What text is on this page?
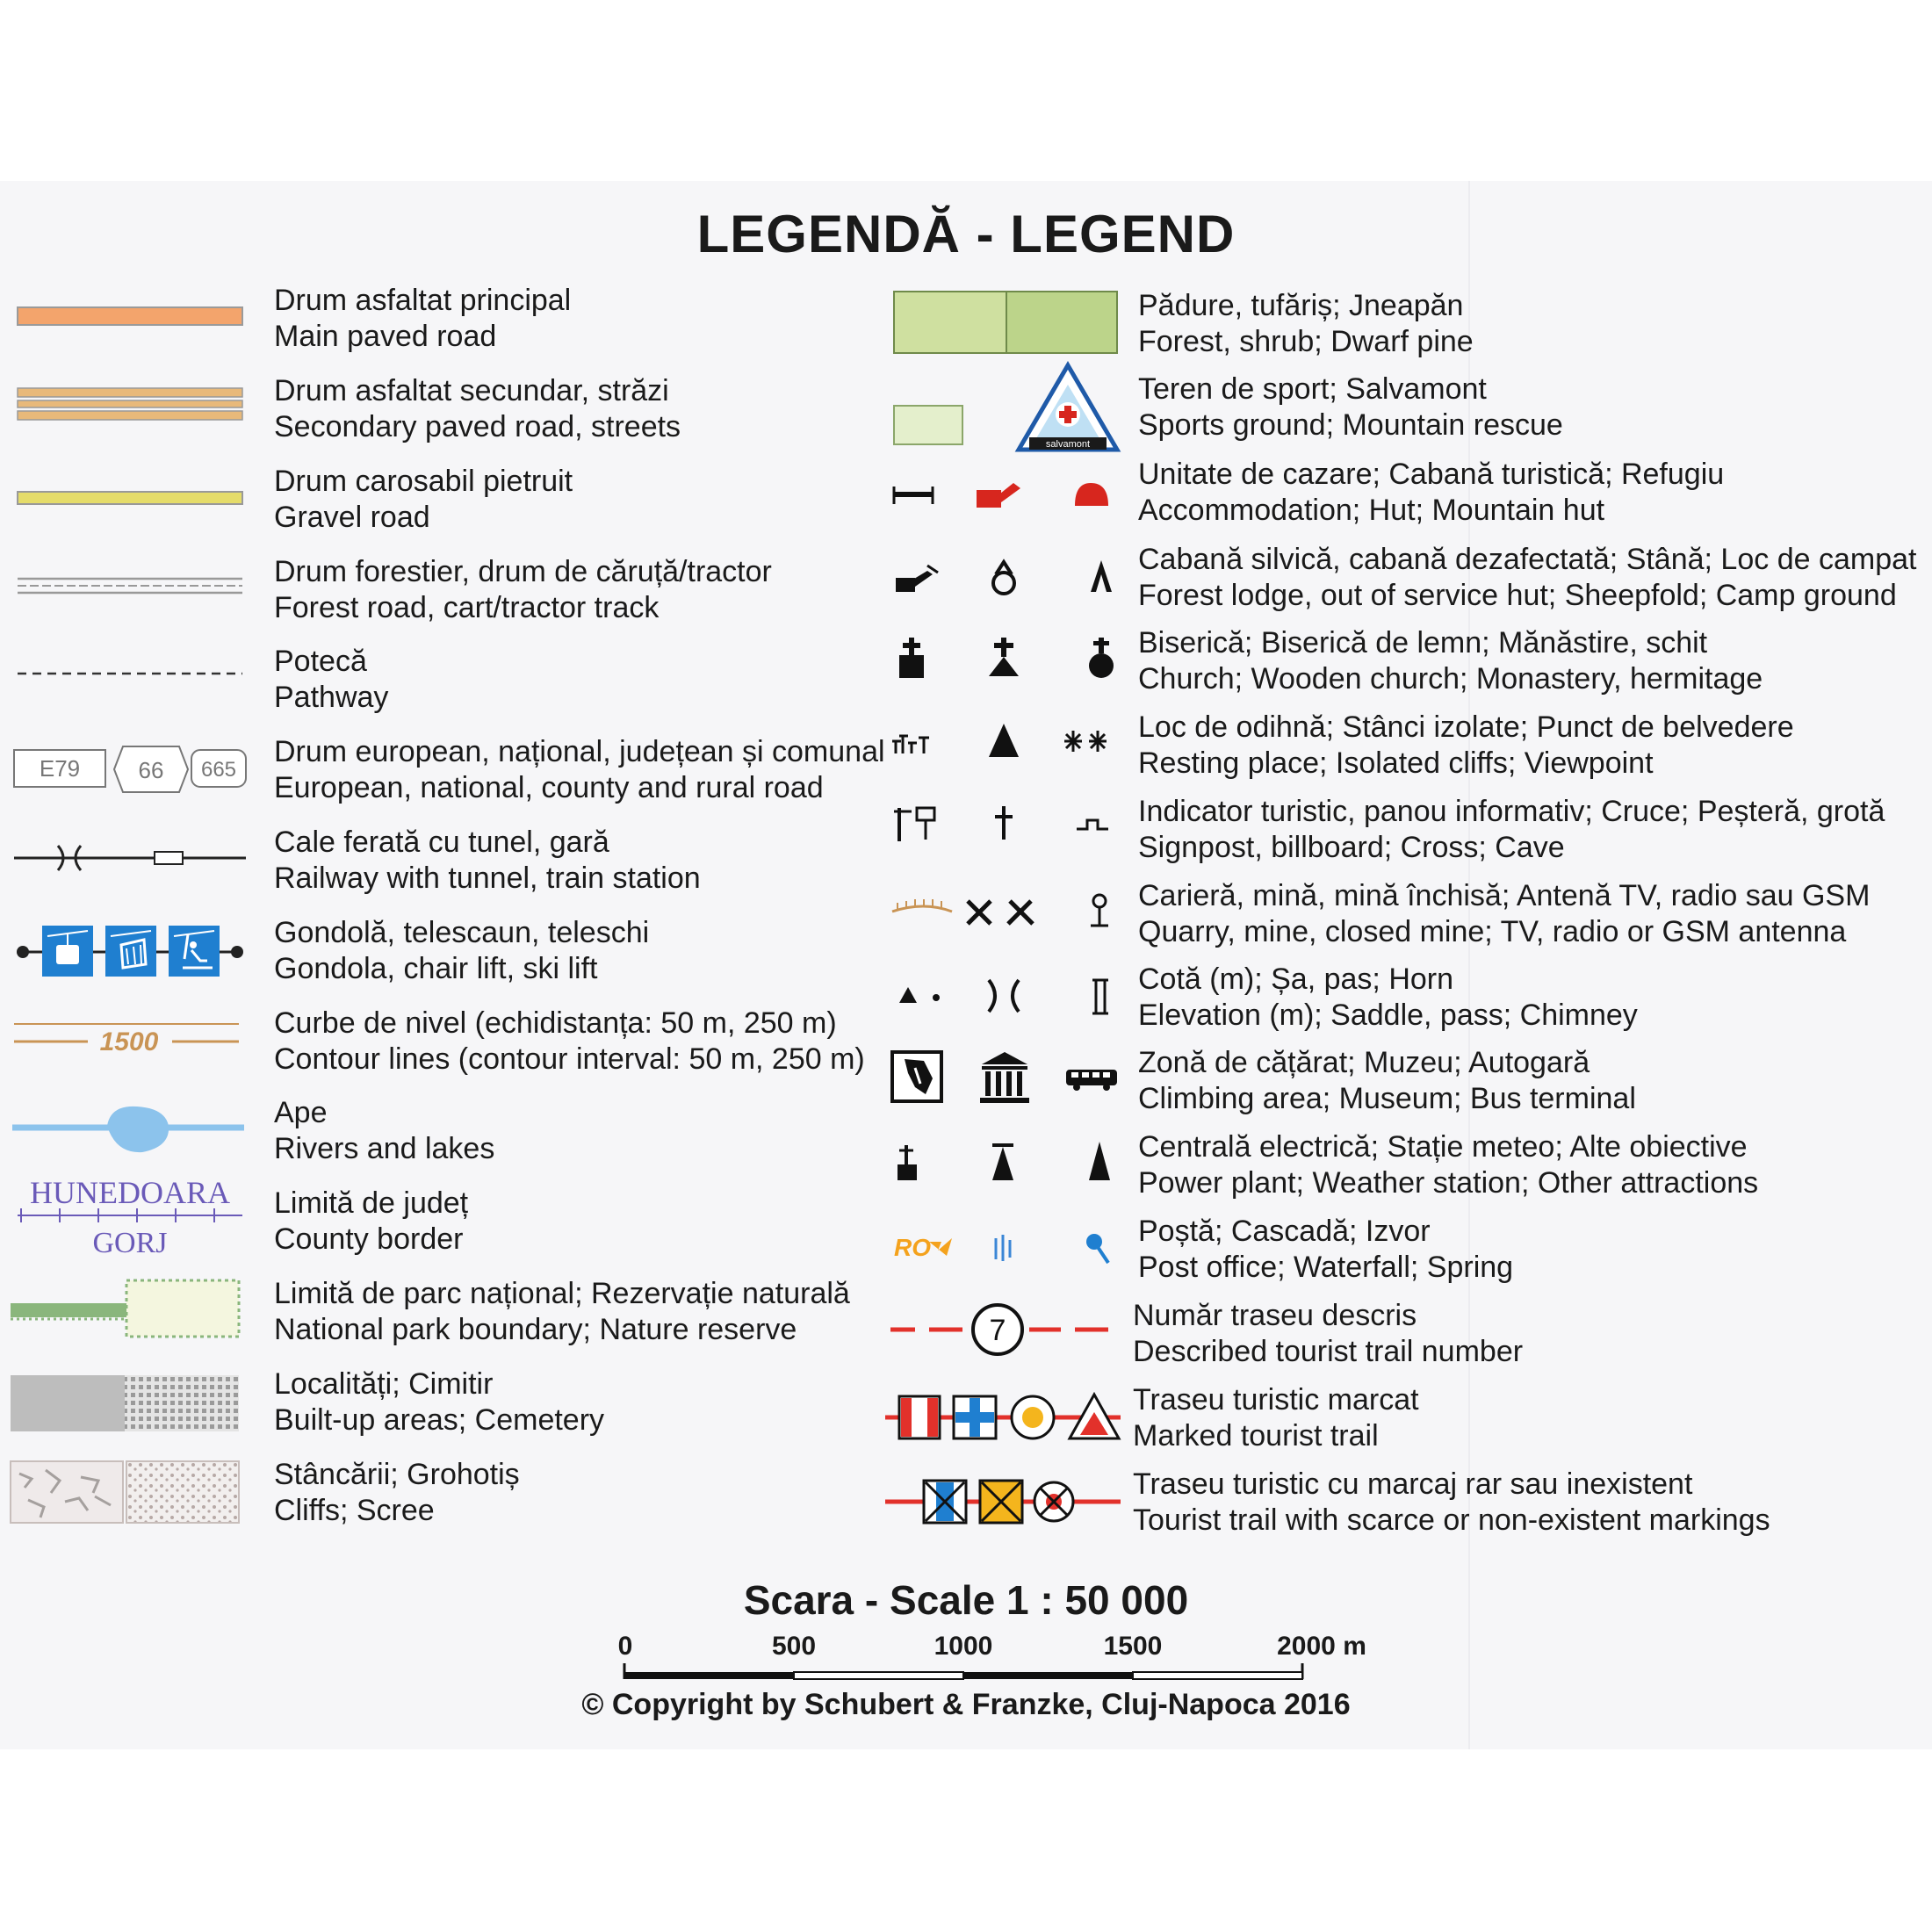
LEGENDĂ - LEGEND
Drum asfaltat principal
Main paved road
Drum asfaltat secundar, străzi
Secondary paved road, streets
Drum carosabil pietruit
Gravel road
Drum forestier, drum de căruță/tractor
Forest road, cart/tractor track
Potecă
Pathway
Drum european, național, județean și comunal
European, national, county and rural road
Cale ferată cu tunel, gară
Railway with tunnel, train station
Gondolă, telescaun, teleschi
Gondola, chair lift, ski lift
Curbe de nivel (echidistanța: 50 m, 250 m)
Contour lines (contour interval: 50 m, 250 m)
Ape
Rivers and lakes
Limită de județ
County border
Limită de parc național; Rezervație naturală
National park boundary; Nature reserve
Localități; Cimitir
Built-up areas; Cemetery
Stâncării; Grohotiș
Cliffs; Scree
Pădure, tufăriș; Jneapăn
Forest, shrub; Dwarf pine
Teren de sport; Salvamont
Sports ground; Mountain rescue
Unitate de cazare; Cabană turistică; Refugiu
Accommodation; Hut; Mountain hut
Cabană silvică, cabană dezafectată; Stână; Loc de campat
Forest lodge, out of service hut; Sheepfold; Camp ground
Biserică; Biserică de lemn; Mănăstire, schit
Church; Wooden church; Monastery, hermitage
Loc de odihnă; Stânci izolate; Punct de belvedere
Resting place; Isolated cliffs; Viewpoint
Indicator turistic, panou informativ; Cruce; Peșteră, grotă
Signpost, billboard; Cross; Cave
Carieră, mină, mină închisă; Antenă TV, radio sau GSM
Quarry, mine, closed mine; TV, radio or GSM antenna
Cotă (m); Șa, pas; Horn
Elevation (m); Saddle, pass; Chimney
Zonă de cățărat; Muzeu; Autogară
Climbing area; Museum; Bus terminal
Centrală electrică; Stație meteo; Alte obiective
Power plant; Weather station; Other attractions
Poștă; Cascadă; Izvor
Post office; Waterfall; Spring
Număr traseu descris
Described tourist trail number
Traseu turistic marcat
Marked tourist trail
Traseu turistic cu marcaj rar sau inexistent
Tourist trail with scarce or non-existent markings
E79	66 665
1500
HUNEDOARA
GORJ
salvamont
RO
7
Scara - Scale 1 : 50 000
0	500	1000	1500	2000 m
© Copyright by Schubert & Franzke, Cluj-Napoca 2016
